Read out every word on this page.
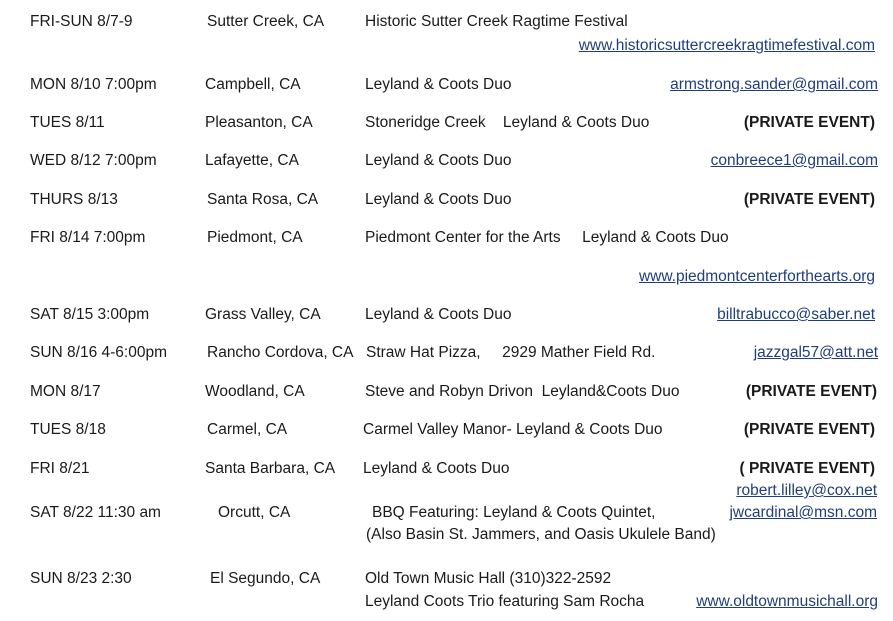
FRI-SUN 8/7-9	Sutter Creek, CA	Historic Sutter Creek Ragtime Festival
www.historicsuttercreekragtimefestival.com
MON 8/10 7:00pm	Campbell, CA	Leyland & Coots Duo	armstrong.sander@gmail.com
TUES 8/11	Pleasanton, CA	Stoneridge Creek    Leyland & Coots Duo	(PRIVATE EVENT)
WED 8/12 7:00pm	Lafayette, CA	Leyland & Coots Duo	conbreece1@gmail.com
THURS 8/13	Santa Rosa, CA	Leyland & Coots Duo	(PRIVATE EVENT)
FRI 8/14 7:00pm	Piedmont, CA	Piedmont Center for the Arts     Leyland & Coots Duo
www.piedmontcenterforthearts.org
SAT 8/15 3:00pm	Grass Valley, CA	Leyland & Coots Duo	billtrabucco@saber.net
SUN 8/16 4-6:00pm	Rancho Cordova, CA Straw Hat Pizza,     2929 Mather Field Rd.	jazzgal57@att.net
MON 8/17	Woodland, CA	Steve and Robyn Drivon  Leyland&Coots Duo	(PRIVATE EVENT)
TUES 8/18	Carmel, CA	Carmel Valley Manor- Leyland & Coots Duo	(PRIVATE EVENT)
FRI 8/21	Santa Barbara, CA Leyland & Coots Duo	( PRIVATE EVENT)
robert.lilley@cox.net
SAT 8/22 11:30 am	Orcutt, CA	BBQ Featuring: Leyland & Coots Quintet,	jwcardinal@msn.com
(Also Basin St. Jammers, and Oasis Ukulele Band)
SUN 8/23 2:30	El Segundo, CA	Old Town Music Hall (310)322-2592
Leyland Coots Trio featuring Sam Rocha	www.oldtownmusichall.org
